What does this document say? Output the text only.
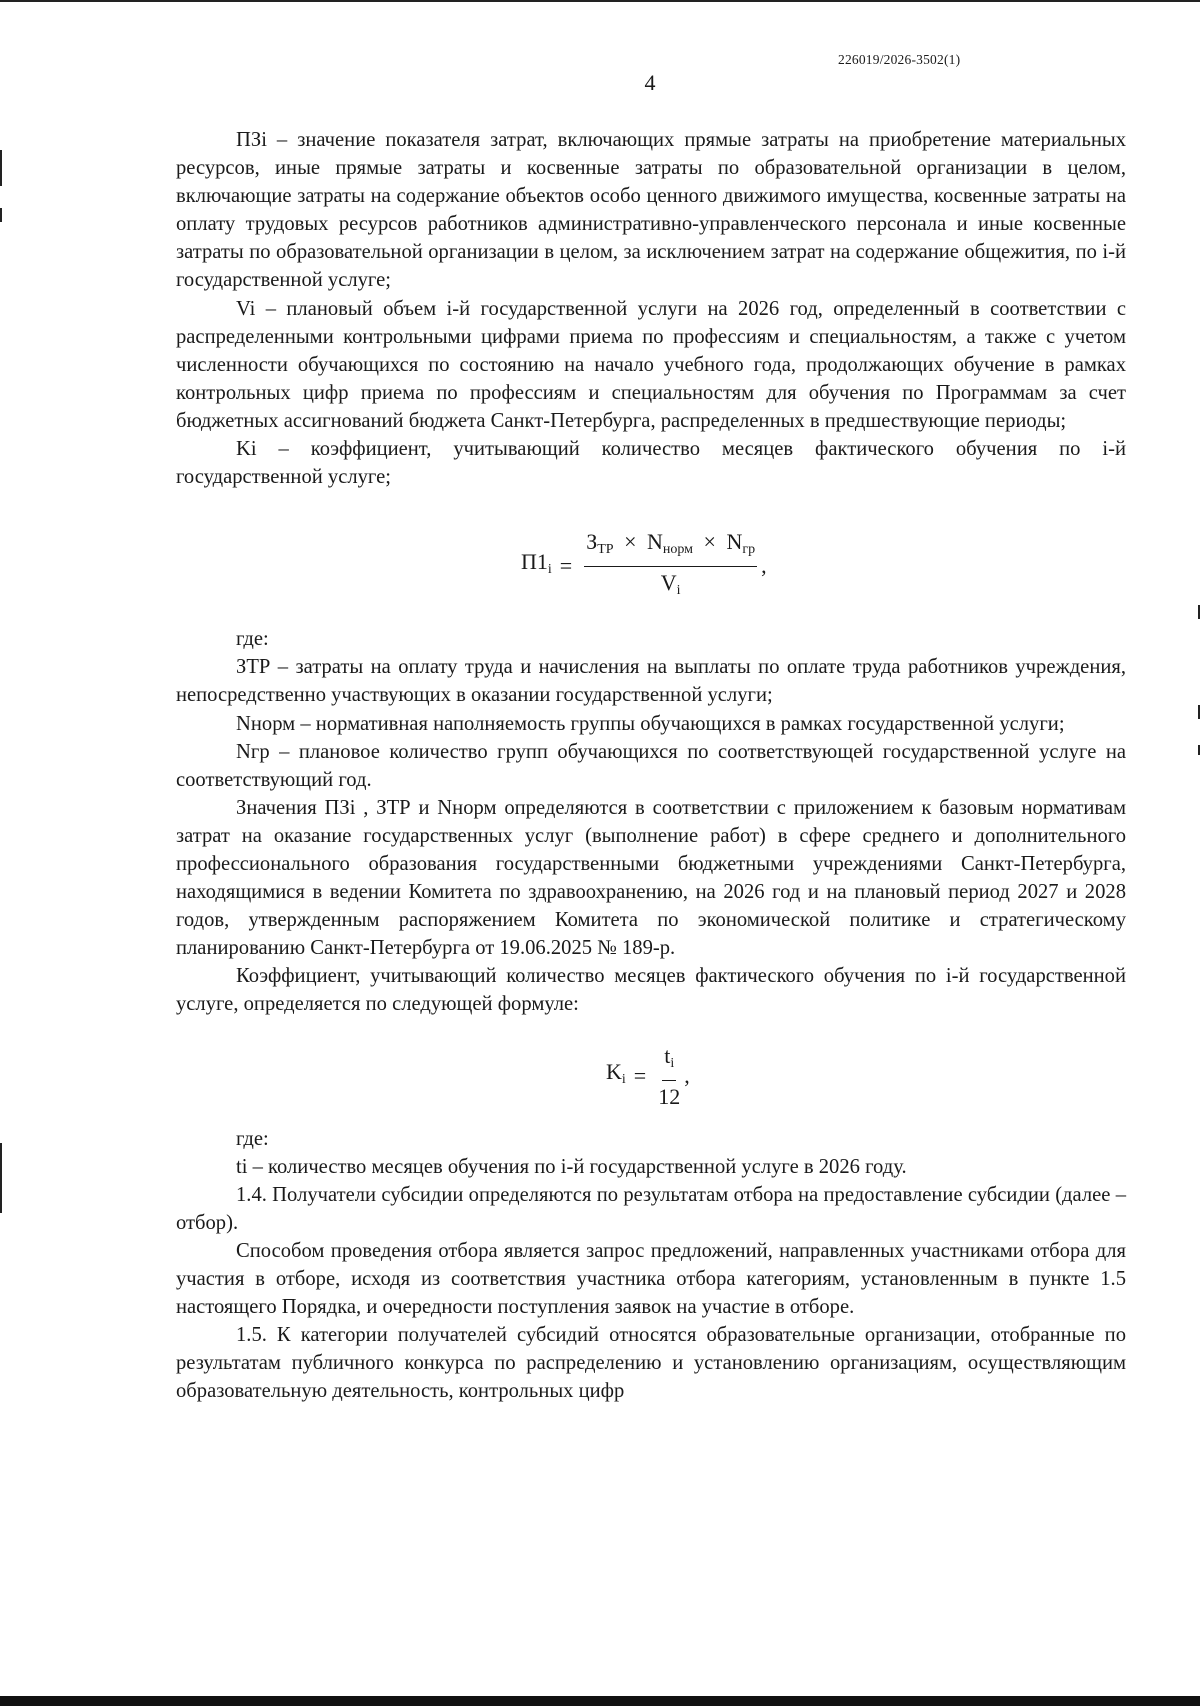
226019/2026-3502(1)
4

ПЗi – значение показателя затрат, включающих прямые затраты на приобретение материальных ресурсов, иные прямые затраты и косвенные затраты по образовательной организации в целом, включающие затраты на содержание объектов особо ценного движимого имущества, косвенные затраты на оплату трудовых ресурсов работников административно-управленческого персонала и иные косвенные затраты по образовательной организации в целом, за исключением затрат на содержание общежития, по i-й государственной услуге;

Vi – плановый объем i-й государственной услуги на 2026 год, определенный в соответствии с распределенными контрольными цифрами приема по профессиям и специальностям, а также с учетом численности обучающихся по состоянию на начало учебного года, продолжающих обучение в рамках контрольных цифр приема по профессиям и специальностям для обучения по Программам за счет бюджетных ассигнований бюджета Санкт-Петербурга, распределенных в предшествующие периоды;

Ki – коэффициент, учитывающий количество месяцев фактического обучения по i-й государственной услуге;

$П1_i = \frac{З_{ТР} \times N_{норм} \times N_{гр}}{V_i}$ ,

где:

ЗТР – затраты на оплату труда и начисления на выплаты по оплате труда работников учреждения, непосредственно участвующих в оказании государственной услуги;

Nнорм – нормативная наполняемость группы обучающихся в рамках государственной услуги;

Nгр – плановое количество групп обучающихся по соответствующей государственной услуге на соответствующий год.

Значения ПЗi , ЗТР и Nнорм определяются в соответствии с приложением к базовым нормативам затрат на оказание государственных услуг (выполнение работ) в сфере среднего и дополнительного профессионального образования государственными бюджетными учреждениями Санкт-Петербурга, находящимися в ведении Комитета по здравоохранению, на 2026 год и на плановый период 2027 и 2028 годов, утвержденным распоряжением Комитета по экономической политике и стратегическому планированию Санкт-Петербурга от 19.06.2025 № 189-р.

Коэффициент, учитывающий количество месяцев фактического обучения по i-й государственной услуге, определяется по следующей формуле:

$K_i = \frac{t_i}{12}$ ,

где:

ti – количество месяцев обучения по i-й государственной услуге в 2026 году.

1.4. Получатели субсидии определяются по результатам отбора на предоставление субсидии (далее – отбор).

Способом проведения отбора является запрос предложений, направленных участниками отбора для участия в отборе, исходя из соответствия участника отбора категориям, установленным в пункте 1.5 настоящего Порядка, и очередности поступления заявок на участие в отборе.

1.5. К категории получателей субсидий относятся образовательные организации, отобранные по результатам публичного конкурса по распределению и установлению организациям, осуществляющим образовательную деятельность, контрольных цифр
